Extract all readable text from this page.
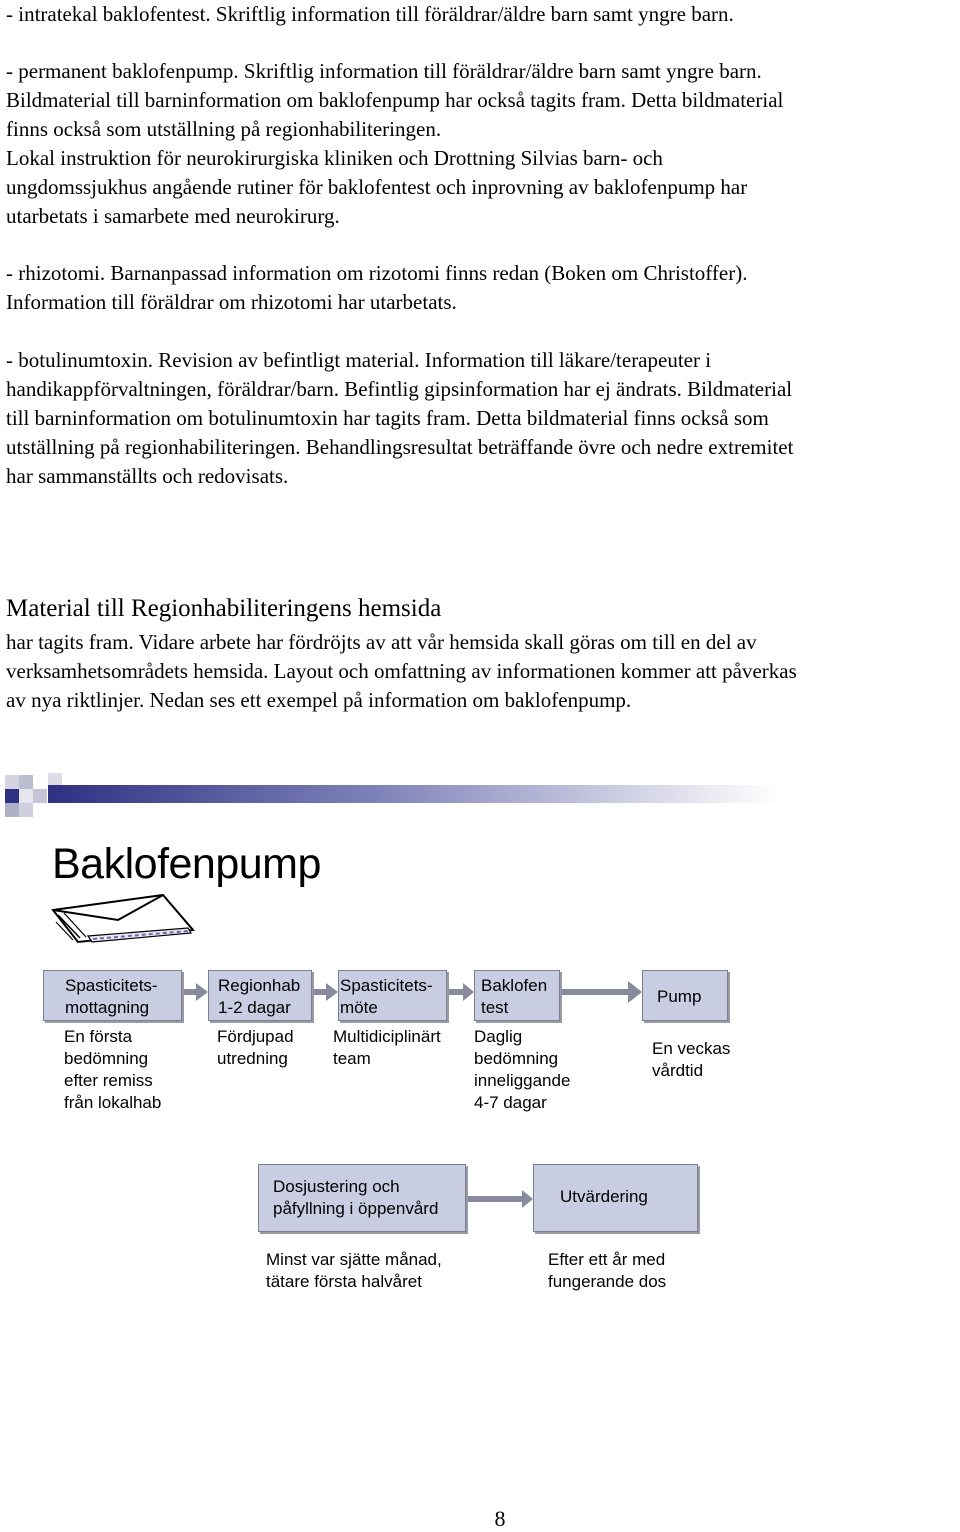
- intratekal baklofentest. Skriftlig information till föräldrar/äldre barn samt yngre barn.
- permanent baklofenpump. Skriftlig information till föräldrar/äldre barn samt yngre barn.
Bildmaterial till barninformation om baklofenpump har också tagits fram. Detta bildmaterial
finns också som utställning på regionhabiliteringen.
Lokal instruktion för neurokirurgiska kliniken och Drottning Silvias barn- och
ungdomssjukhus angående rutiner för baklofentest och inprovning av baklofenpump har
utarbetats i samarbete med neurokirurg.
- rhizotomi. Barnanpassad information om rizotomi finns redan (Boken om Christoffer).
Information till föräldrar om rhizotomi har utarbetats.
- botulinumtoxin. Revision av befintligt material. Information till läkare/terapeuter i
handikappförvaltningen, föräldrar/barn. Befintlig gipsinformation har ej ändrats. Bildmaterial
till barninformation om botulinumtoxin har tagits fram. Detta bildmaterial finns också som
utställning på regionhabiliteringen. Behandlingsresultat beträffande övre och nedre extremitet
har sammanställts och redovisats.
Material till Regionhabiliteringens hemsida
har tagits fram. Vidare arbete har fördröjts av att vår hemsida skall göras om till en del av
verksamhetsområdets hemsida. Layout och omfattning av informationen kommer att påverkas
av nya riktlinjer. Nedan ses ett exempel på information om baklofenpump.
Baklofenpump
Spasticitets-
mottagning
Regionhab
1-2 dagar
Spasticitets-
möte
Baklofen
test
Pump
En första
bedömning
efter remiss
från lokalhab
Fördjupad
utredning
Multidiciplinärt
team
Daglig
bedömning
inneliggande
4-7 dagar
En veckas
vårdtid
Dosjustering och
påfyllning i öppenvård
Utvärdering
Minst var sjätte månad,
tätare första halvåret
Efter ett år med
fungerande dos
8
